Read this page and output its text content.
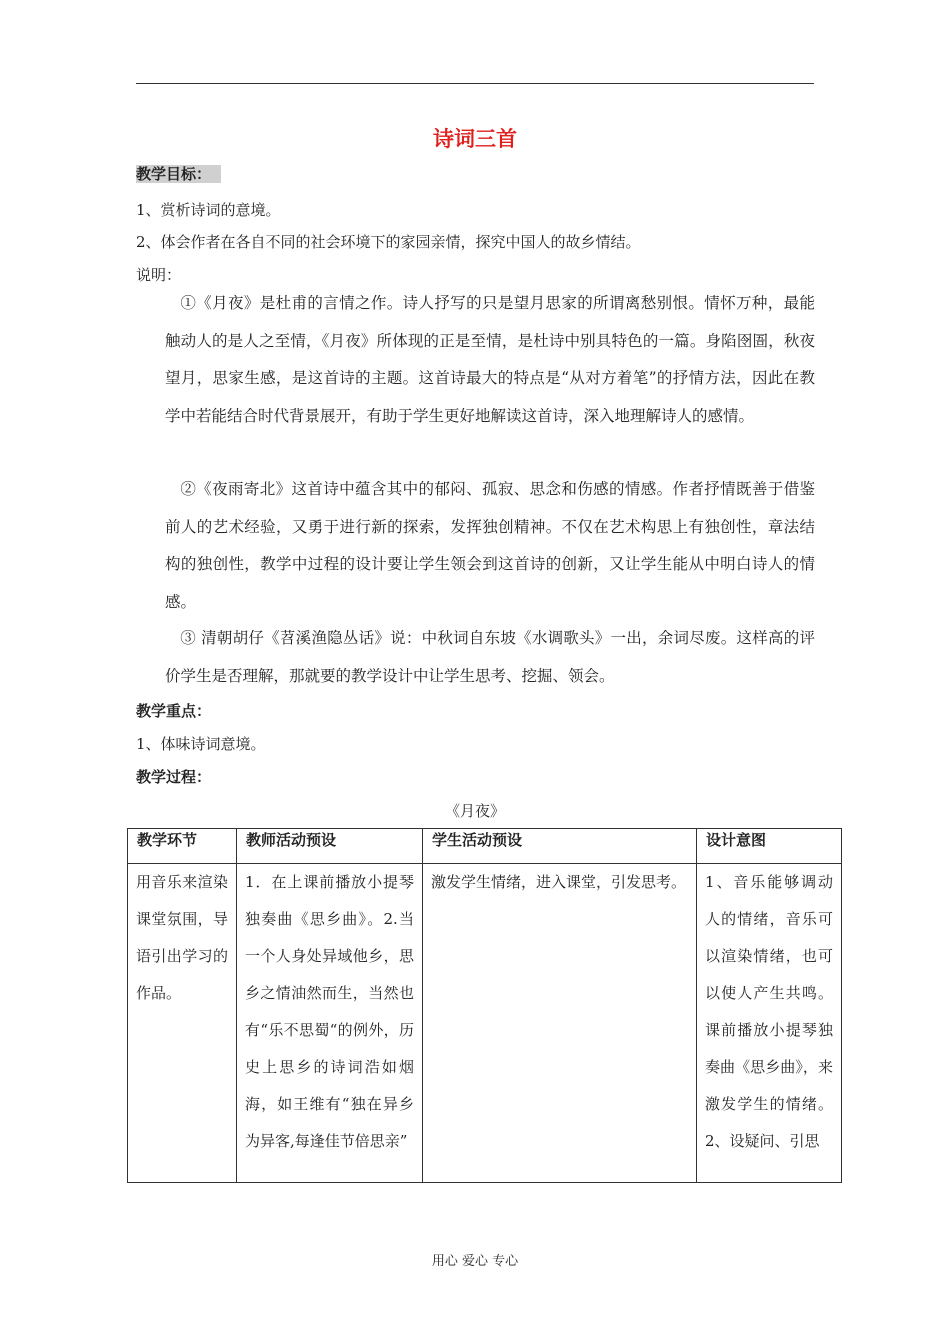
诗词三首
教学目标：
1、赏析诗词的意境。
2、体会作者在各自不同的社会环境下的家园亲情，探究中国人的故乡情结。
说明：
①《月夜》是杜甫的言情之作。诗人抒写的只是望月思家的所谓离愁别恨。情怀万种，最能触动人的是人之至情，《月夜》所体现的正是至情，是杜诗中别具特色的一篇。身陷囹圄，秋夜望月，思家生感，是这首诗的主题。这首诗最大的特点是“从对方着笔”的抒情方法，因此在教学中若能结合时代背景展开，有助于学生更好地解读这首诗，深入地理解诗人的感情。
②《夜雨寄北》这首诗中蕴含其中的郁闷、孤寂、思念和伤感的情感。作者抒情既善于借鉴前人的艺术经验，又勇于进行新的探索，发挥独创精神。不仅在艺术构思上有独创性，章法结构的独创性，教学中过程的设计要让学生领会到这首诗的创新，又让学生能从中明白诗人的情感。
③ 清朝胡仔《苕溪渔隐丛话》说：中秋词自东坡《水调歌头》一出，余词尽废。这样高的评价学生是否理解，那就要的教学设计中让学生思考、挖掘、领会。
教学重点：
1、体味诗词意境。
教学过程：
《月夜》
教学环节	教师活动预设	学生活动预设	设计意图

用音乐来渲染课堂氛围，导语引出学习的作品。	1．在上课前播放小提琴独奏曲《思乡曲》。2.当一个人身处异域他乡，思乡之情油然而生，当然也有“乐不思蜀“的例外，历史上思乡的诗词浩如烟海，如王维有“独在异乡为异客,每逢佳节倍思亲”	激发学生情绪，进入课堂，引发思考。	1、音乐能够调动人的情绪，音乐可以渲染情绪，也可以使人产生共鸣。课前播放小提琴独奏曲《思乡曲》，来激发学生的情绪。2、设疑问、引思
用心 爱心 专心
